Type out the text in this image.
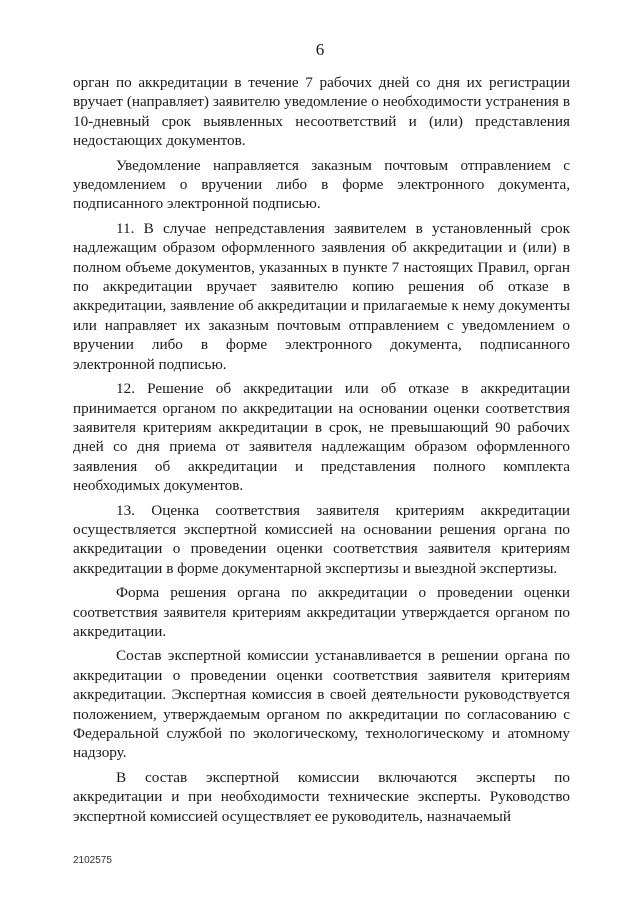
6

орган по аккредитации в течение 7 рабочих дней со дня их регистрации вручает (направляет) заявителю уведомление о необходимости устранения в 10-дневный срок выявленных несоответствий и (или) представления недостающих документов.

Уведомление направляется заказным почтовым отправлением с уведомлением о вручении либо в форме электронного документа, подписанного электронной подписью.

11. В случае непредставления заявителем в установленный срок надлежащим образом оформленного заявления об аккредитации и (или) в полном объеме документов, указанных в пункте 7 настоящих Правил, орган по аккредитации вручает заявителю копию решения об отказе в аккредитации, заявление об аккредитации и прилагаемые к нему документы или направляет их заказным почтовым отправлением с уведомлением о вручении либо в форме электронного документа, подписанного электронной подписью.

12. Решение об аккредитации или об отказе в аккредитации принимается органом по аккредитации на основании оценки соответствия заявителя критериям аккредитации в срок, не превышающий 90 рабочих дней со дня приема от заявителя надлежащим образом оформленного заявления об аккредитации и представления полного комплекта необходимых документов.

13. Оценка соответствия заявителя критериям аккредитации осуществляется экспертной комиссией на основании решения органа по аккредитации о проведении оценки соответствия заявителя критериям аккредитации в форме документарной экспертизы и выездной экспертизы.

Форма решения органа по аккредитации о проведении оценки соответствия заявителя критериям аккредитации утверждается органом по аккредитации.

Состав экспертной комиссии устанавливается в решении органа по аккредитации о проведении оценки соответствия заявителя критериям аккредитации. Экспертная комиссия в своей деятельности руководствуется положением, утверждаемым органом по аккредитации по согласованию с Федеральной службой по экологическому, технологическому и атомному надзору.

В состав экспертной комиссии включаются эксперты по аккредитации и при необходимости технические эксперты. Руководство экспертной комиссией осуществляет ее руководитель, назначаемый

2102575
